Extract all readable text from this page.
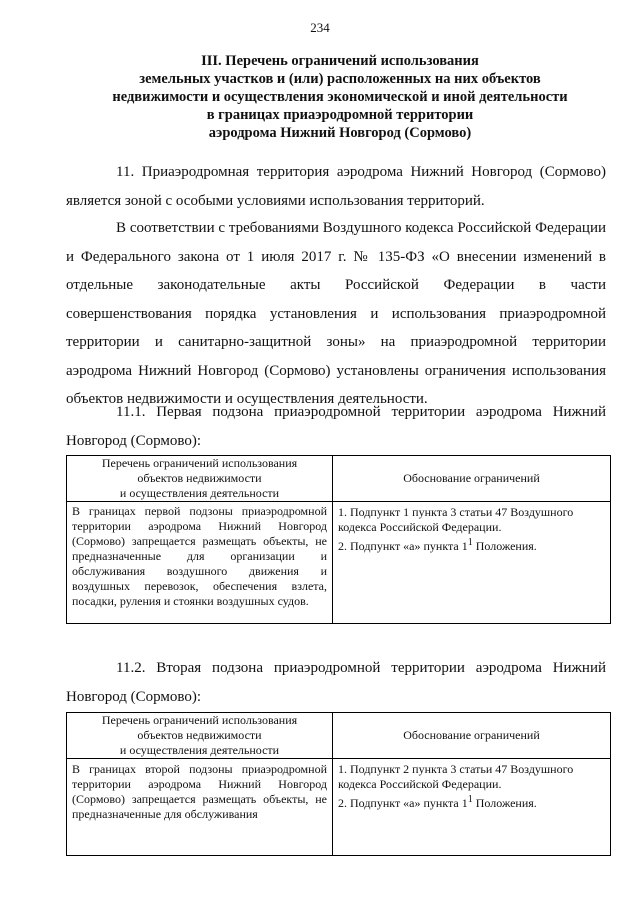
234
III. Перечень ограничений использования
земельных участков и (или) расположенных на них объектов
недвижимости и осуществления экономической и иной деятельности
в границах приаэродромной территории
аэродрома Нижний Новгород (Сормово)

11. Приаэродромная территория аэродрома Нижний Новгород (Сормово) является зоной с особыми условиями использования территорий.

В соответствии с требованиями Воздушного кодекса Российской Федерации и Федерального закона от 1 июля 2017 г. № 135-ФЗ «О внесении изменений в отдельные законодательные акты Российской Федерации в части совершенствования порядка установления и использования приаэродромной территории и санитарно-защитной зоны» на приаэродромной территории аэродрома Нижний Новгород (Сормово) установлены ограничения использования объектов недвижимости и осуществления деятельности.

11.1. Первая подзона приаэродромной территории аэродрома Нижний Новгород (Сормово):

Перечень ограничений использования
объектов недвижимости
и осуществления деятельности	Обоснование ограничений
В границах первой подзоны приаэродромной территории аэродрома Нижний Новгород (Сормово) запрещается размещать объекты, не предназначенные для организации и обслуживания воздушного движения и воздушных перевозок, обеспечения взлета, посадки, руления и стоянки воздушных судов.	1. Подпункт 1 пункта 3 статьи 47 Воздушного кодекса Российской Федерации.
2. Подпункт «а» пункта $1^1$ Положения.

11.2. Вторая подзона приаэродромной территории аэродрома Нижний Новгород (Сормово):

Перечень ограничений использования
объектов недвижимости
и осуществления деятельности	Обоснование ограничений
В границах второй подзоны приаэродромной территории аэродрома Нижний Новгород (Сормово) запрещается размещать объекты, не предназначенные для обслуживания	1. Подпункт 2 пункта 3 статьи 47 Воздушного кодекса Российской Федерации.
2. Подпункт «а» пункта $1^1$ Положения.
